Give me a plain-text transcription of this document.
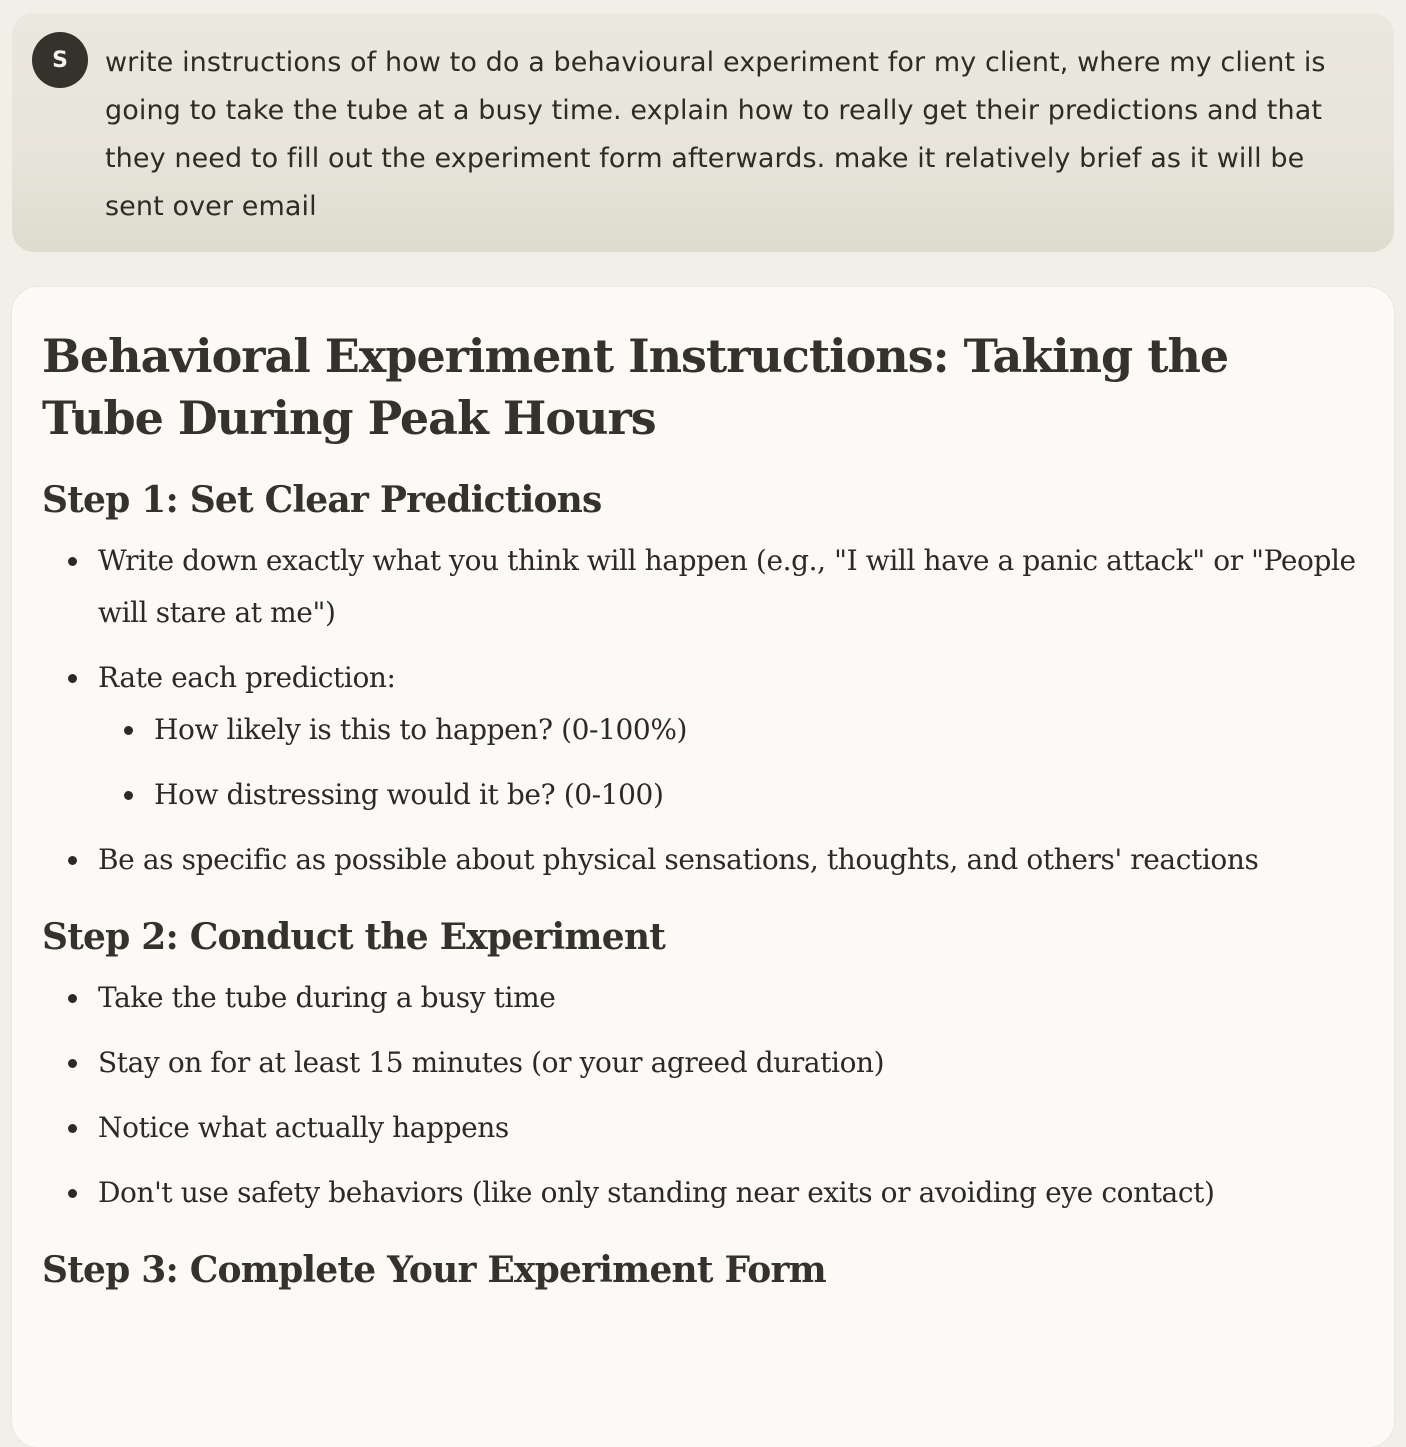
S	write instructions of how to do a behavioural experiment for my client, where my client is going to take the tube at a busy time. explain how to really get their predictions and that they need to fill out the experiment form afterwards. make it relatively brief as it will be sent over email
Behavioral Experiment Instructions: Taking the Tube During Peak Hours
Step 1: Set Clear Predictions
Write down exactly what you think will happen (e.g., "I will have a panic attack" or "People will stare at me")
Rate each prediction:
How likely is this to happen? (0-100%)
How distressing would it be? (0-100)
Be as specific as possible about physical sensations, thoughts, and others' reactions
Step 2: Conduct the Experiment
Take the tube during a busy time
Stay on for at least 15 minutes (or your agreed duration)
Notice what actually happens
Don't use safety behaviors (like only standing near exits or avoiding eye contact)
Step 3: Complete Your Experiment Form
